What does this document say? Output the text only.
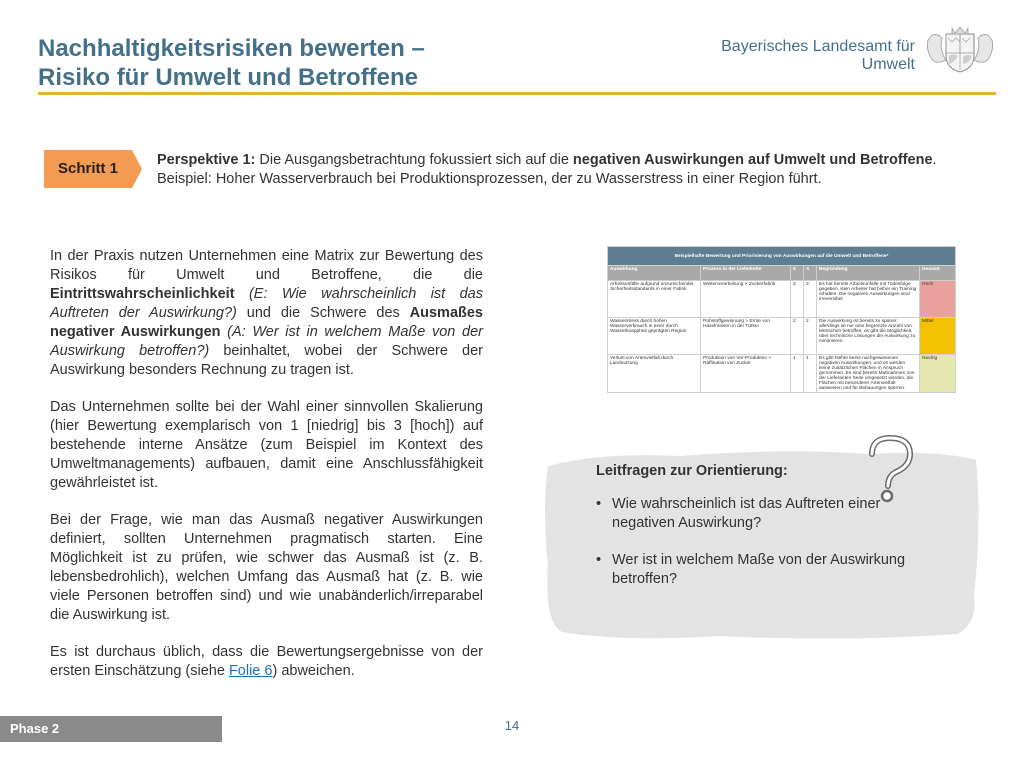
Nachhaltigkeitsrisiken bewerten –
Risiko für Umwelt und Betroffene
Bayerisches Landesamt für
Umwelt
Schritt 1	Perspektive 1: Die Ausgangsbetrachtung fokussiert sich auf die negativen Auswirkungen auf Umwelt und Betroffene. Beispiel: Hoher Wasserverbrauch bei Produktionsprozessen, der zu Wasserstress in einer Region führt.

In der Praxis nutzen Unternehmen eine Matrix zur Bewertung des Risikos für Umwelt und Betroffene, die die Eintrittswahrscheinlichkeit (E: Wie wahrscheinlich ist das Auftreten der Auswirkung?) und die Schwere des Ausmaßes negativer Auswirkungen (A: Wer ist in welchem Maße von der Auswirkung betroffen?) beinhaltet, wobei der Schwere der Auswirkung besonders Rechnung zu tragen ist.

Das Unternehmen sollte bei der Wahl einer sinnvollen Skalierung (hier Bewertung exemplarisch von 1 [niedrig] bis 3 [hoch]) auf bestehende interne Ansätze (zum Beispiel im Kontext des Umweltmanagements) aufbauen, damit eine Anschlussfähigkeit gewährleistet ist.

Bei der Frage, wie man das Ausmaß negativer Auswirkungen definiert, sollten Unternehmen pragmatisch starten. Eine Möglichkeit ist zu prüfen, wie schwer das Ausmaß ist (z. B. lebensbedrohlich), welchen Umfang das Ausmaß hat (z. B. wie viele Personen betroffen sind) und wie unabänderlich/irreparabel die Auswirkung ist.

Es ist durchaus üblich, dass die Bewertungsergebnisse von der ersten Einschätzung (siehe Folie 6) abweichen.

Beispielhafte Bewertung und Priorisierung von Auswirkungen auf die Umwelt und Betroffene*					
Auswirkung	Prozess in der Lieferkette	E	A	Begründung	Gesamt
Arbeitsunfälle aufgrund unzureichender Sicherheitsstandards in einer Fabrik	Weiterverarbeitung > Zuckerfabrik	3	3	Es hat bereits Arbeitsunfälle mit Todesfolge gegeben. Kein Arbeiter hat bisher ein Training erhalten. Die negativen Auswirkungen sind irreversibel.	Hoch
Wasserstress durch hohen Wasserverbrauch in einer durch Wasserknappheit geprägten Region	Rohstoffgewinnung > Ernte von Haselnüssen in der Türkei	2	2	Die Auswirkung ist bereits zu spüren; allerdings ist nur eine begrenzte Anzahl von Menschen betroffen; es gibt die Möglichkeit, über technische Lösungen die Auswirkung zu minimieren.	Mittel
Verlust von Artenvielfalt durch Landnutzung	Produktion von Vor-Produkten > Raffination von Zucker	1	1	Es gibt bisher keine nachgewiesenen negativen Auswirkungen, und es werden keine zusätzlichen Flächen in Anspruch genommen. Es sind bereits Maßnahmen von der Lieferanten Seite umgesetzt worden, die Flächen mit besonderer Artenvielfalt ausweisen und für Bebauungen sperren.	Niedrig
Leitfragen zur Orientierung:
• Wie wahrscheinlich ist das Auftreten einer negativen Auswirkung?
• Wer ist in welchem Maße von der Auswirkung betroffen?
Phase 2	14
